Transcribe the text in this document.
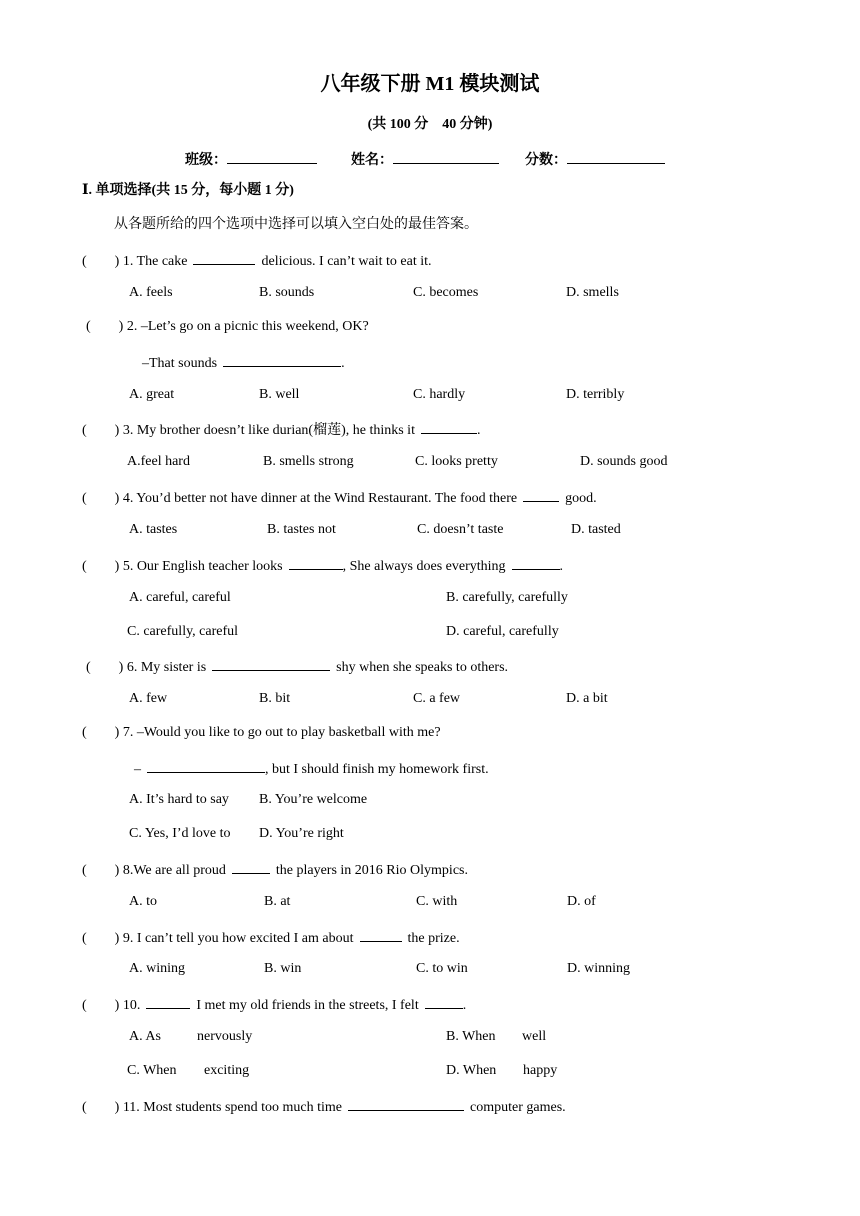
八年级下册 M1 模块测试
(共 100 分　40 分钟)
班级：	姓名：	分数：
Ⅰ. 单项选择(共 15 分，每小题 1 分)
从各题所给的四个选项中选择可以填入空白处的最佳答案。
(　　) 1. The cake	delicious. I can’t wait to eat it.
A. feels	B. sounds	C. becomes	D. smells
(　　) 2. –Let’s go on a picnic this weekend, OK?
–That sounds	.
A. great	B. well	C. hardly	D. terribly
(　　) 3. My brother doesn’t like durian(榴莲), he thinks it	.
A.feel hard	B. smells strong	C. looks pretty	D. sounds good
(　　) 4. You’d better not have dinner at the Wind Restaurant. The food there	good.
A. tastes	B. tastes not	C. doesn’t taste	D. tasted
(　　) 5. Our English teacher looks	, She always does everything	.
A. careful, careful	B. carefully, carefully
C. carefully, careful	D. careful, carefully
(　　) 6. My sister is	shy when she speaks to others.
A. few	B. bit	C. a few	D. a bit
(　　) 7. –Would you like to go out to play basketball with me?
–	, but I should finish my homework first.
A. It’s hard to say B. You’re welcome
C. Yes, I’d love to D. You’re right
(　　) 8.We are all proud	the players in 2016 Rio Olympics.
A. to	B. at	C. with	D. of
(　　) 9. I can’t tell you how excited I am about	the prize.
A. wining	B. win	C. to win	D. winning
(　　) 10.	I met my old friends in the streets, I felt	.
A. As	nervously	B. When well
C. When exciting	D. When happy
(　　) 11. Most students spend too much time	computer games.
